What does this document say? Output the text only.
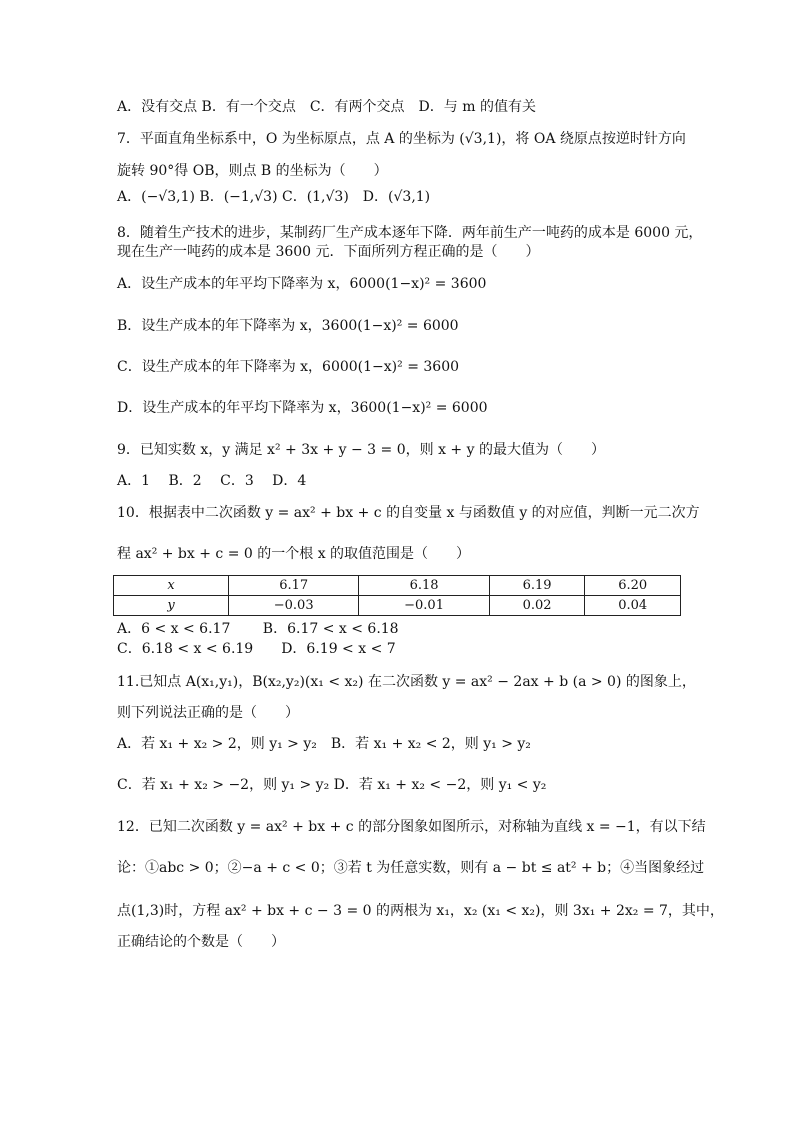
A．没有交点 B．有一个交点　C．有两个交点　D．与 m 的值有关
7．平面直角坐标系中，O 为坐标原点，点 A 的坐标为 (√3,1)，将 OA 绕原点按逆时针方向
旋转 90°得 OB，则点 B 的坐标为（　　）
A．(−√3,1) B．(−1,√3) C．(1,√3)　D．(√3,1)
8．随着生产技术的进步，某制药厂生产成本逐年下降．两年前生产一吨药的成本是 6000 元，
现在生产一吨药的成本是 3600 元．下面所列方程正确的是（　　）
A．设生产成本的年平均下降率为 x，6000(1−x)² = 3600
B．设生产成本的年下降率为 x，3600(1−x)² = 6000
C．设生产成本的年下降率为 x，6000(1−x)² = 3600
D．设生产成本的年平均下降率为 x，3600(1−x)² = 6000
9．已知实数 x，y 满足 x² + 3x + y − 3 = 0，则 x + y 的最大值为（　　）
A．1　 B．2　 C．3　 D．4
10．根据表中二次函数 y = ax² + bx + c 的自变量 x 与函数值 y 的对应值，判断一元二次方
程 ax² + bx + c = 0 的一个根 x 的取值范围是（　　）
x	6.17	6.18	6.19	6.20
y	−0.03	−0.01	0.02	0.04
A．6 < x < 6.17　　 B．6.17 < x < 6.18
C．6.18 < x < 6.19　　D．6.19 < x < 7
11.已知点 A(x₁,y₁)，B(x₂,y₂)(x₁ < x₂) 在二次函数 y = ax² − 2ax + b (a > 0) 的图象上，
则下列说法正确的是（　　）
A．若 x₁ + x₂ > 2，则 y₁ > y₂　B．若 x₁ + x₂ < 2，则 y₁ > y₂
C．若 x₁ + x₂ > −2，则 y₁ > y₂ D．若 x₁ + x₂ < −2，则 y₁ < y₂
12．已知二次函数 y = ax² + bx + c 的部分图象如图所示，对称轴为直线 x = −1，有以下结
论：①abc > 0；②−a + c < 0；③若 t 为任意实数，则有 a − bt ≤ at² + b；④当图象经过
点(1,3)时，方程 ax² + bx + c − 3 = 0 的两根为 x₁，x₂ (x₁ < x₂)，则 3x₁ + 2x₂ = 7，其中，
正确结论的个数是（　　）
